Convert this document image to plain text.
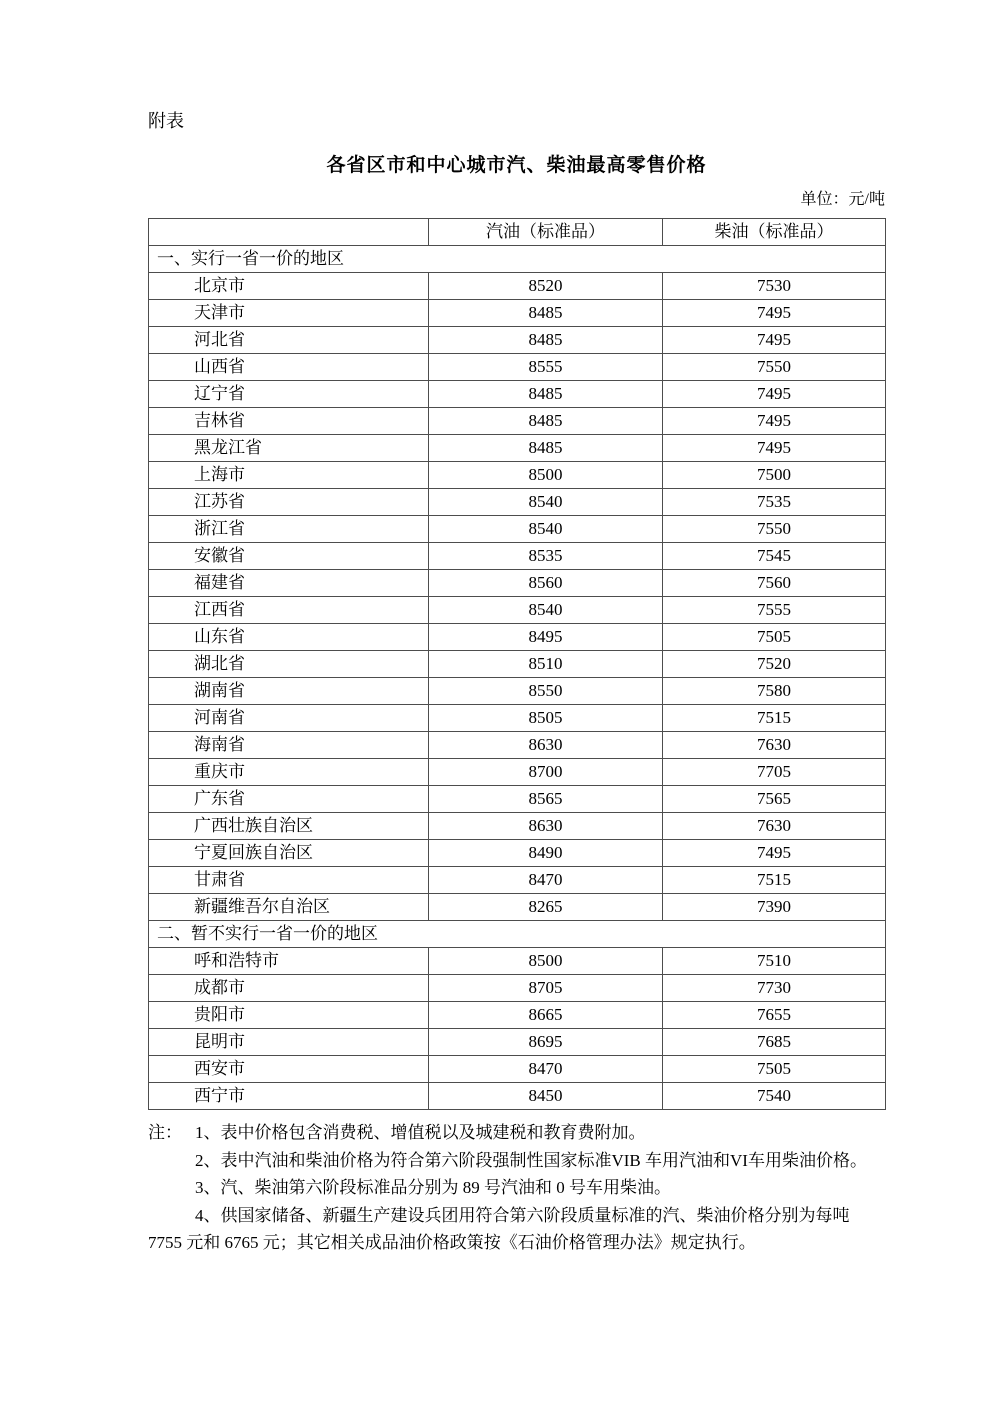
附表

各省区市和中心城市汽、柴油最高零售价格
单位：元/吨
	汽油（标准品）	柴油（标准品）
一、实行一省一价的地区		
北京市	8520	7530
天津市	8485	7495
河北省	8485	7495
山西省	8555	7550
辽宁省	8485	7495
吉林省	8485	7495
黑龙江省	8485	7495
上海市	8500	7500
江苏省	8540	7535
浙江省	8540	7550
安徽省	8535	7545
福建省	8560	7560
江西省	8540	7555
山东省	8495	7505
湖北省	8510	7520
湖南省	8550	7580
河南省	8505	7515
海南省	8630	7630
重庆市	8700	7705
广东省	8565	7565
广西壮族自治区	8630	7630
宁夏回族自治区	8490	7495
甘肃省	8470	7515
新疆维吾尔自治区	8265	7390
二、暂不实行一省一价的地区		
呼和浩特市	8500	7510
成都市	8705	7730
贵阳市	8665	7655
昆明市	8695	7685
西安市	8470	7505
西宁市	8450	7540

注： 1、表中价格包含消费税、增值税以及城建税和教育费附加。

2、表中汽油和柴油价格为符合第六阶段强制性国家标准VIB 车用汽油和VI车用柴油价格。

3、汽、柴油第六阶段标准品分别为 89 号汽油和 0 号车用柴油。

4、供国家储备、新疆生产建设兵团用符合第六阶段质量标准的汽、柴油价格分别为每吨 7755 元和 6765 元；其它相关成品油价格政策按《石油价格管理办法》规定执行。
